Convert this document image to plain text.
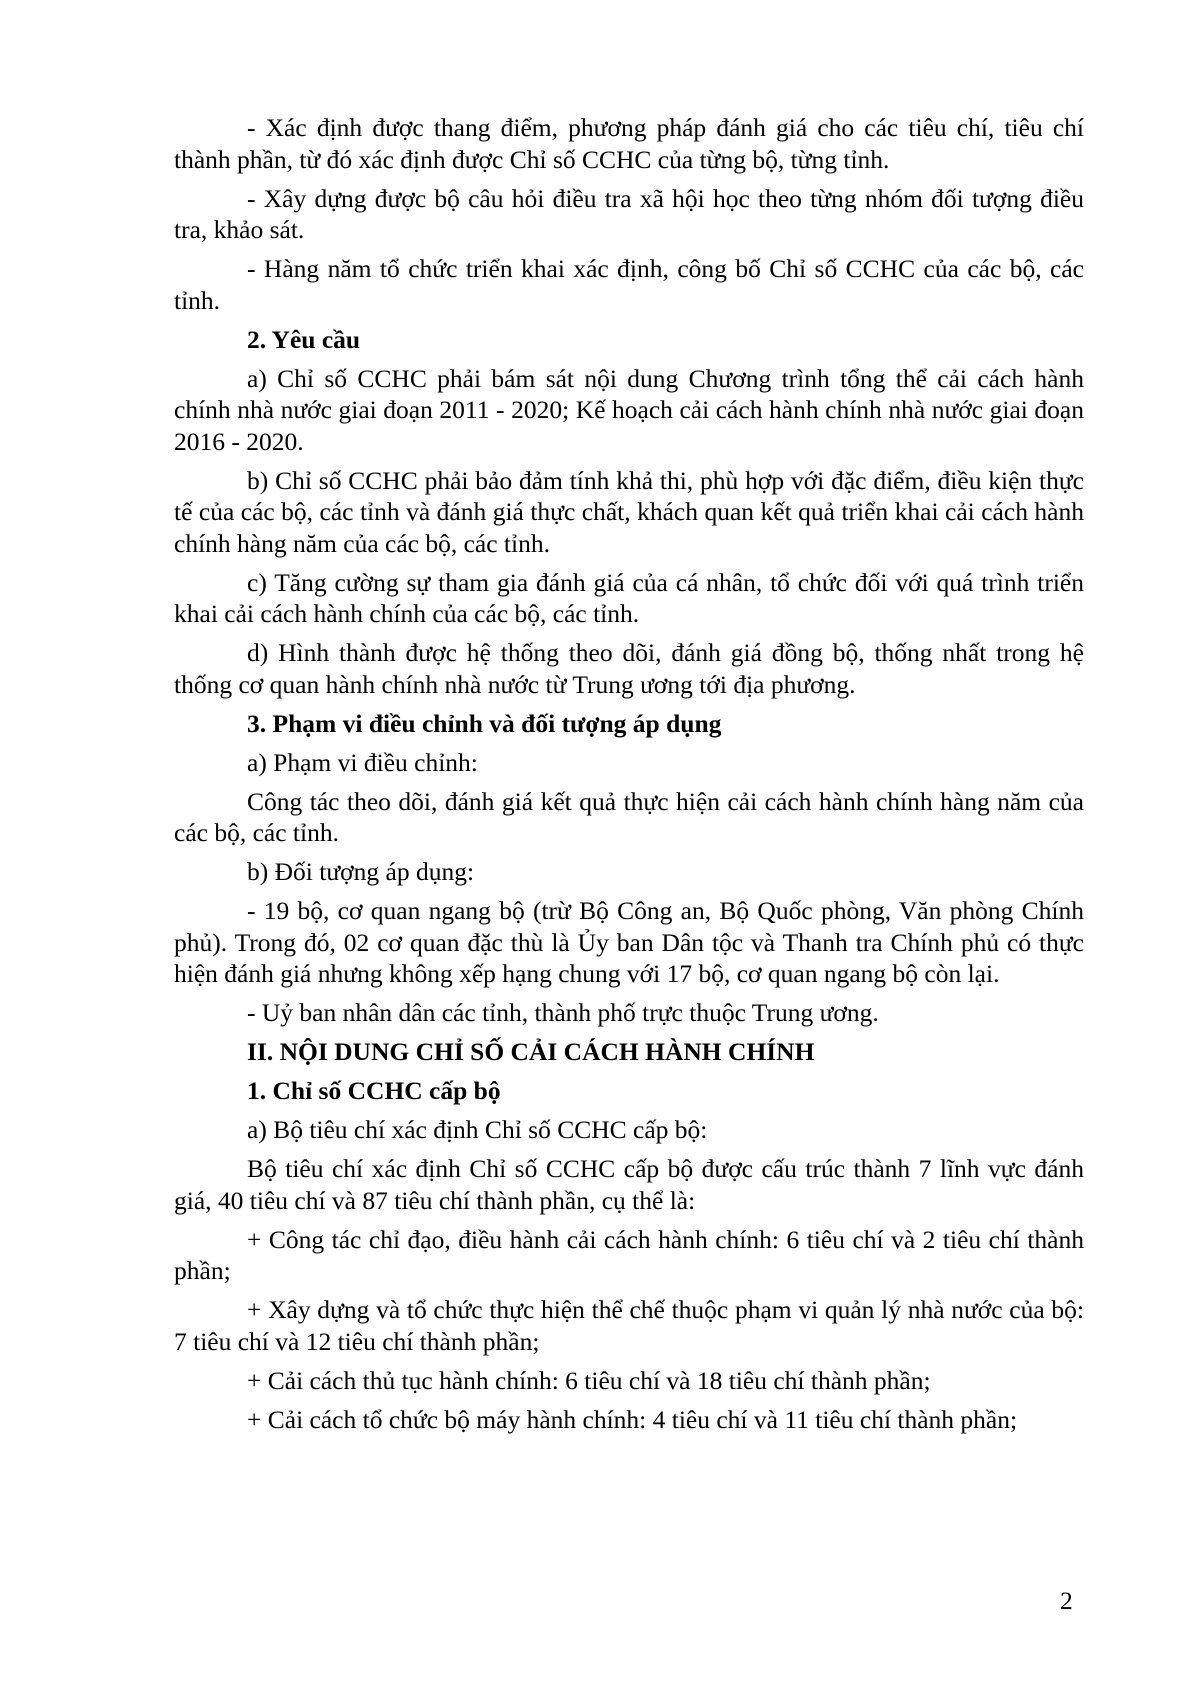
- Xác định được thang điểm, phương pháp đánh giá cho các tiêu chí, tiêu chí thành phần, từ đó xác định được Chỉ số CCHC của từng bộ, từng tỉnh.
- Xây dựng được bộ câu hỏi điều tra xã hội học theo từng nhóm đối tượng điều tra, khảo sát.
- Hàng năm tổ chức triển khai xác định, công bố Chỉ số CCHC của các bộ, các tỉnh.
2. Yêu cầu
a) Chỉ số CCHC phải bám sát nội dung Chương trình tổng thể cải cách hành chính nhà nước giai đoạn 2011 - 2020; Kế hoạch cải cách hành chính nhà nước giai đoạn 2016 - 2020.
b) Chỉ số CCHC phải bảo đảm tính khả thi, phù hợp với đặc điểm, điều kiện thực tế của các bộ, các tỉnh và đánh giá thực chất, khách quan kết quả triển khai cải cách hành chính hàng năm của các bộ, các tỉnh.
c) Tăng cường sự tham gia đánh giá của cá nhân, tổ chức đối với quá trình triển khai cải cách hành chính của các bộ, các tỉnh.
d) Hình thành được hệ thống theo dõi, đánh giá đồng bộ, thống nhất trong hệ thống cơ quan hành chính nhà nước từ Trung ương tới địa phương.
3. Phạm vi điều chỉnh và đối tượng áp dụng
a) Phạm vi điều chỉnh:
Công tác theo dõi, đánh giá kết quả thực hiện cải cách hành chính hàng năm của các bộ, các tỉnh.
b) Đối tượng áp dụng:
- 19 bộ, cơ quan ngang bộ (trừ Bộ Công an, Bộ Quốc phòng, Văn phòng Chính phủ). Trong đó, 02 cơ quan đặc thù là Ủy ban Dân tộc và Thanh tra Chính phủ có thực hiện đánh giá nhưng không xếp hạng chung với 17 bộ, cơ quan ngang bộ còn lại.
- Uỷ ban nhân dân các tỉnh, thành phố trực thuộc Trung ương.
II. NỘI DUNG CHỈ SỐ CẢI CÁCH HÀNH CHÍNH
1. Chỉ số CCHC cấp bộ
a) Bộ tiêu chí xác định Chỉ số CCHC cấp bộ:
Bộ tiêu chí xác định Chỉ số CCHC cấp bộ được cấu trúc thành 7 lĩnh vực đánh giá, 40 tiêu chí và 87 tiêu chí thành phần, cụ thể là:
+ Công tác chỉ đạo, điều hành cải cách hành chính: 6 tiêu chí và 2 tiêu chí thành phần;
+ Xây dựng và tổ chức thực hiện thể chế thuộc phạm vi quản lý nhà nước của bộ: 7 tiêu chí và 12 tiêu chí thành phần;
+ Cải cách thủ tục hành chính: 6 tiêu chí và 18 tiêu chí thành phần;
+ Cải cách tổ chức bộ máy hành chính: 4 tiêu chí và 11 tiêu chí thành phần;
2
